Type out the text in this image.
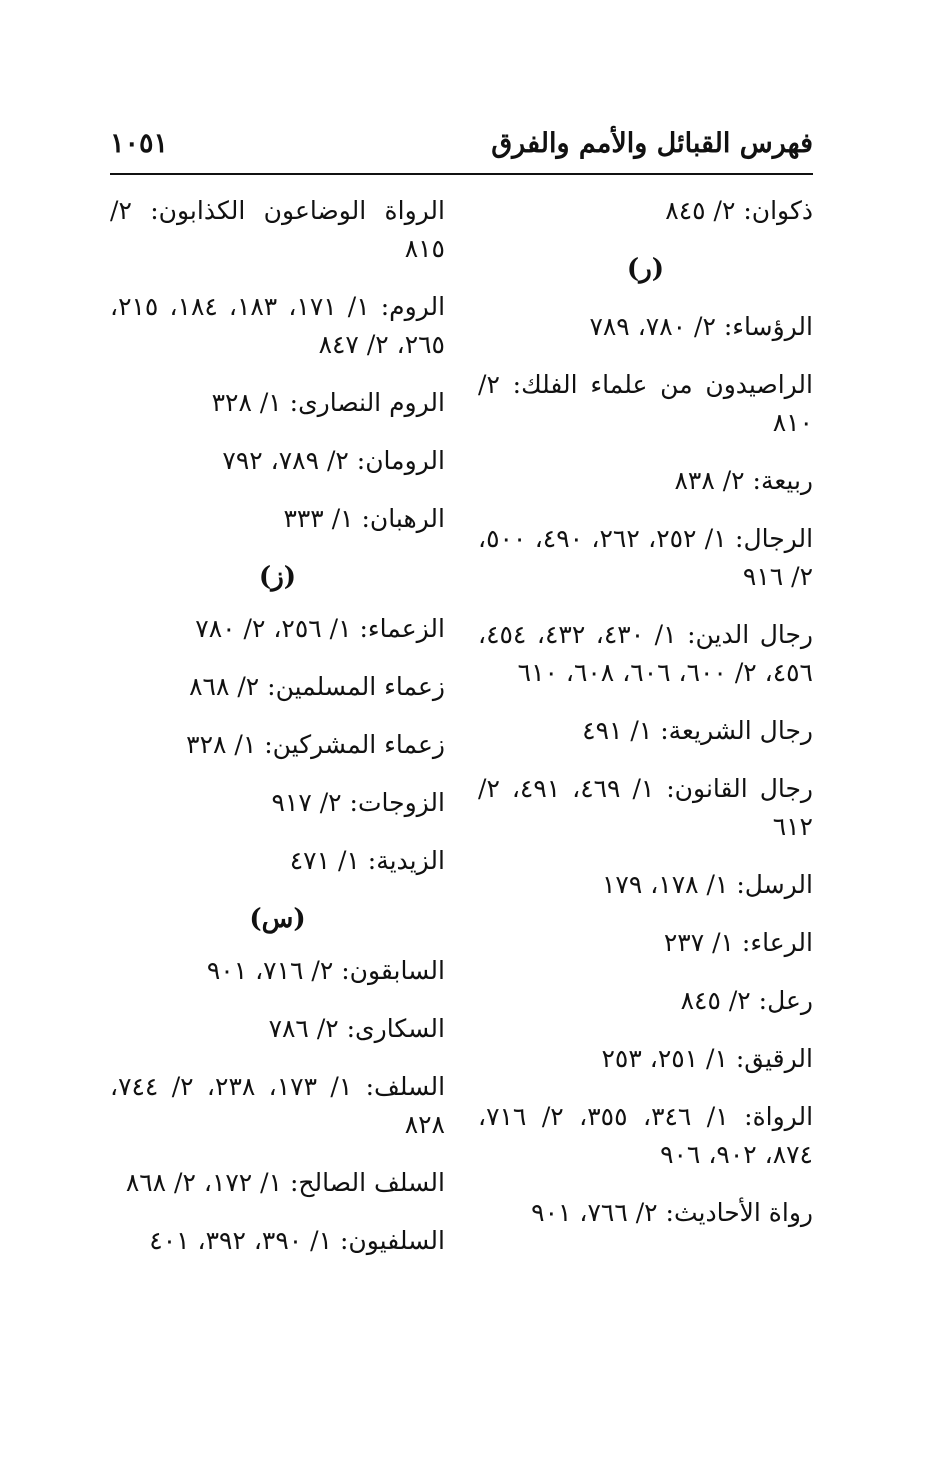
فهرس القبائل والأمم والفرق
١٠٥١
ذكوان: ٢/ ٨٤٥
(ر)
الرؤساء: ٢/ ٧٨٠، ٧٨٩
الراصيدون من علماء الفلك: ٢/ ٨١٠
ربيعة: ٢/ ٨٣٨
الرجال: ١/ ٢٥٢، ٢٦٢، ٤٩٠، ٥٠٠، ٢/ ٩١٦
رجال الدين: ١/ ٤٣٠، ٤٣٢، ٤٥٤، ٤٥٦، ٢/ ٦٠٠، ٦٠٦، ٦٠٨، ٦١٠
رجال الشريعة: ١/ ٤٩١
رجال القانون: ١/ ٤٦٩، ٤٩١، ٢/ ٦١٢
الرسل: ١/ ١٧٨، ١٧٩
الرعاء: ١/ ٢٣٧
رعل: ٢/ ٨٤٥
الرقيق: ١/ ٢٥١، ٢٥٣
الرواة: ١/ ٣٤٦، ٣٥٥، ٢/ ٧١٦، ٨٧٤، ٩٠٢، ٩٠٦
رواة الأحاديث: ٢/ ٧٦٦، ٩٠١
الرواة الوضاعون الكذابون: ٢/ ٨١٥
الروم: ١/ ١٧١، ١٨٣، ١٨٤، ٢١٥، ٢٦٥، ٢/ ٨٤٧
الروم النصارى: ١/ ٣٢٨
الرومان: ٢/ ٧٨٩، ٧٩٢
الرهبان: ١/ ٣٣٣
(ز)
الزعماء: ١/ ٢٥٦، ٢/ ٧٨٠
زعماء المسلمين: ٢/ ٨٦٨
زعماء المشركين: ١/ ٣٢٨
الزوجات: ٢/ ٩١٧
الزيدية: ١/ ٤٧١
(س)
السابقون: ٢/ ٧١٦، ٩٠١
السكارى: ٢/ ٧٨٦
السلف: ١/ ١٧٣، ٢٣٨، ٢/ ٧٤٤، ٨٢٨
السلف الصالح: ١/ ١٧٢، ٢/ ٨٦٨
السلفيون: ١/ ٣٩٠، ٣٩٢، ٤٠١
